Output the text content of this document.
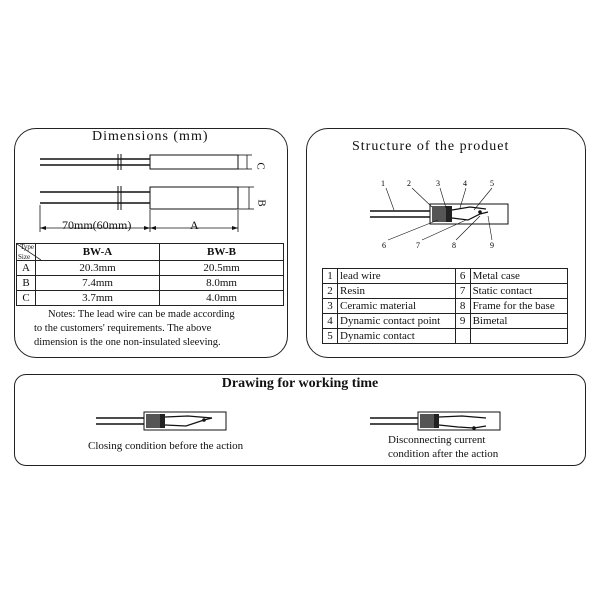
Dimensions (mm)
C
B
70mm(60mm)	A
Type
Size	BW-A	BW-B
A	20.3mm	20.5mm
B	7.4mm	8.0mm
C	3.7mm	4.0mm
Notes: The lead wire can be made according
to the customers' requirements. The above
dimension is the one non-insulated sleeving.
Structure of the produet
1	2	3	4	5
6	7	8	9
1	lead wire	6	Metal case
2	Resin	7	Static contact
3	Ceramic material	8	Frame for the base
4	Dynamic contact point	9	Bimetal
5	Dynamic contact		
Drawing for working time
Closing condition before the action	Disconnecting current
condition after the action
